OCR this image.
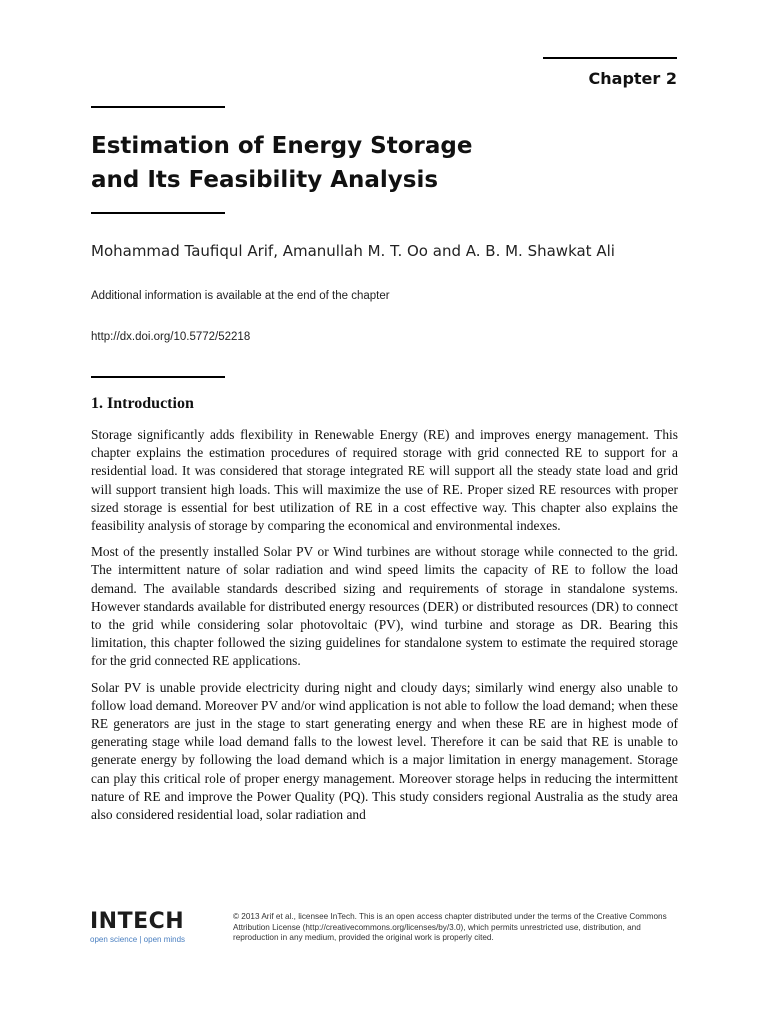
Chapter 2
Estimation of Energy Storage
and Its Feasibility Analysis
Mohammad Taufiqul Arif, Amanullah M. T. Oo and A. B. M. Shawkat Ali
Additional information is available at the end of the chapter
http://dx.doi.org/10.5772/52218
1. Introduction

Storage significantly adds flexibility in Renewable Energy (RE) and improves energy management. This chapter explains the estimation procedures of required storage with grid connected RE to support for a residential load. It was considered that storage integrated RE will support all the steady state load and grid will support transient high loads. This will maximize the use of RE. Proper sized RE resources with proper sized storage is essential for best utilization of RE in a cost effective way. This chapter also explains the feasibility analysis of storage by comparing the economical and environmental indexes.

Most of the presently installed Solar PV or Wind turbines are without storage while connected to the grid. The intermittent nature of solar radiation and wind speed limits the capacity of RE to follow the load demand. The available standards described sizing and requirements of storage in standalone systems. However standards available for distributed energy resources (DER) or distributed resources (DR) to connect to the grid while considering solar photovoltaic (PV), wind turbine and storage as DR. Bearing this limitation, this chapter followed the sizing guidelines for standalone system to estimate the required storage for the grid connected RE applications.

Solar PV is unable provide electricity during night and cloudy days; similarly wind energy also unable to follow load demand. Moreover PV and/or wind application is not able to follow the load demand; when these RE generators are just in the stage to start generating energy and when these RE are in highest mode of generating stage while load demand falls to the lowest level. Therefore it can be said that RE is unable to generate energy by following the load demand which is a major limitation in energy management. Storage can play this critical role of proper energy management. Moreover storage helps in reducing the intermittent nature of RE and improve the Power Quality (PQ). This study considers regional Australia as the study area also considered residential load, solar radiation and

INTECH
open science | open minds
© 2013 Arif et al., licensee InTech. This is an open access chapter distributed under the terms of the Creative Commons Attribution License (http://creativecommons.org/licenses/by/3.0), which permits unrestricted use, distribution, and reproduction in any medium, provided the original work is properly cited.
